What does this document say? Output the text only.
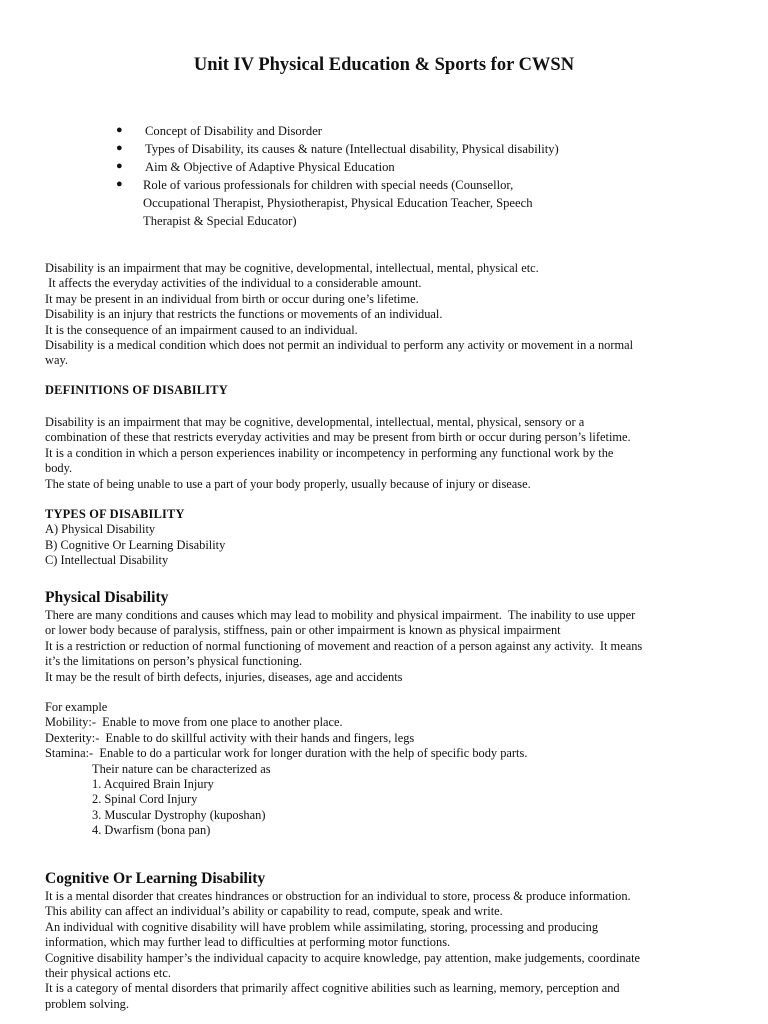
Unit IV Physical Education & Sports for CWSN
● Concept of Disability and Disorder

● Types of Disability, its causes & nature (Intellectual disability, Physical disability)

● Aim & Objective of Adaptive Physical Education

● Role of various professionals for children with special needs (Counsellor,

Occupational Therapist, Physiotherapist, Physical Education Teacher, Speech

Therapist & Special Educator)

Disability is an impairment that may be cognitive, developmental, intellectual, mental, physical etc.

It affects the everyday activities of the individual to a considerable amount.

It may be present in an individual from birth or occur during one’s lifetime.

Disability is an injury that restricts the functions or movements of an individual.

It is the consequence of an impairment caused to an individual.

Disability is a medical condition which does not permit an individual to perform any activity or movement in a normal

way.

DEFINITIONS OF DISABILITY

Disability is an impairment that may be cognitive, developmental, intellectual, mental, physical, sensory or a

combination of these that restricts everyday activities and may be present from birth or occur during person’s lifetime.

It is a condition in which a person experiences inability or incompetency in performing any functional work by the

body.

The state of being unable to use a part of your body properly, usually because of injury or disease.

TYPES OF DISABILITY

A) Physical Disability

B) Cognitive Or Learning Disability

C) Intellectual Disability

Physical Disability

There are many conditions and causes which may lead to mobility and physical impairment.  The inability to use upper

or lower body because of paralysis, stiffness, pain or other impairment is known as physical impairment

It is a restriction or reduction of normal functioning of movement and reaction of a person against any activity.  It means

it’s the limitations on person’s physical functioning.

It may be the result of birth defects, injuries, diseases, age and accidents

For example

Mobility:-  Enable to move from one place to another place.

Dexterity:-  Enable to do skillful activity with their hands and fingers, legs

Stamina:-  Enable to do a particular work for longer duration with the help of specific body parts.

Their nature can be characterized as

1. Acquired Brain Injury

2. Spinal Cord Injury

3. Muscular Dystrophy (kuposhan)

4. Dwarfism (bona pan)

Cognitive Or Learning Disability

It is a mental disorder that creates hindrances or obstruction for an individual to store, process & produce information.

This ability can affect an individual’s ability or capability to read, compute, speak and write.

An individual with cognitive disability will have problem while assimilating, storing, processing and producing

information, which may further lead to difficulties at performing motor functions.

Cognitive disability hamper’s the individual capacity to acquire knowledge, pay attention, make judgements, coordinate

their physical actions etc.

It is a category of mental disorders that primarily affect cognitive abilities such as learning, memory, perception and

problem solving.
